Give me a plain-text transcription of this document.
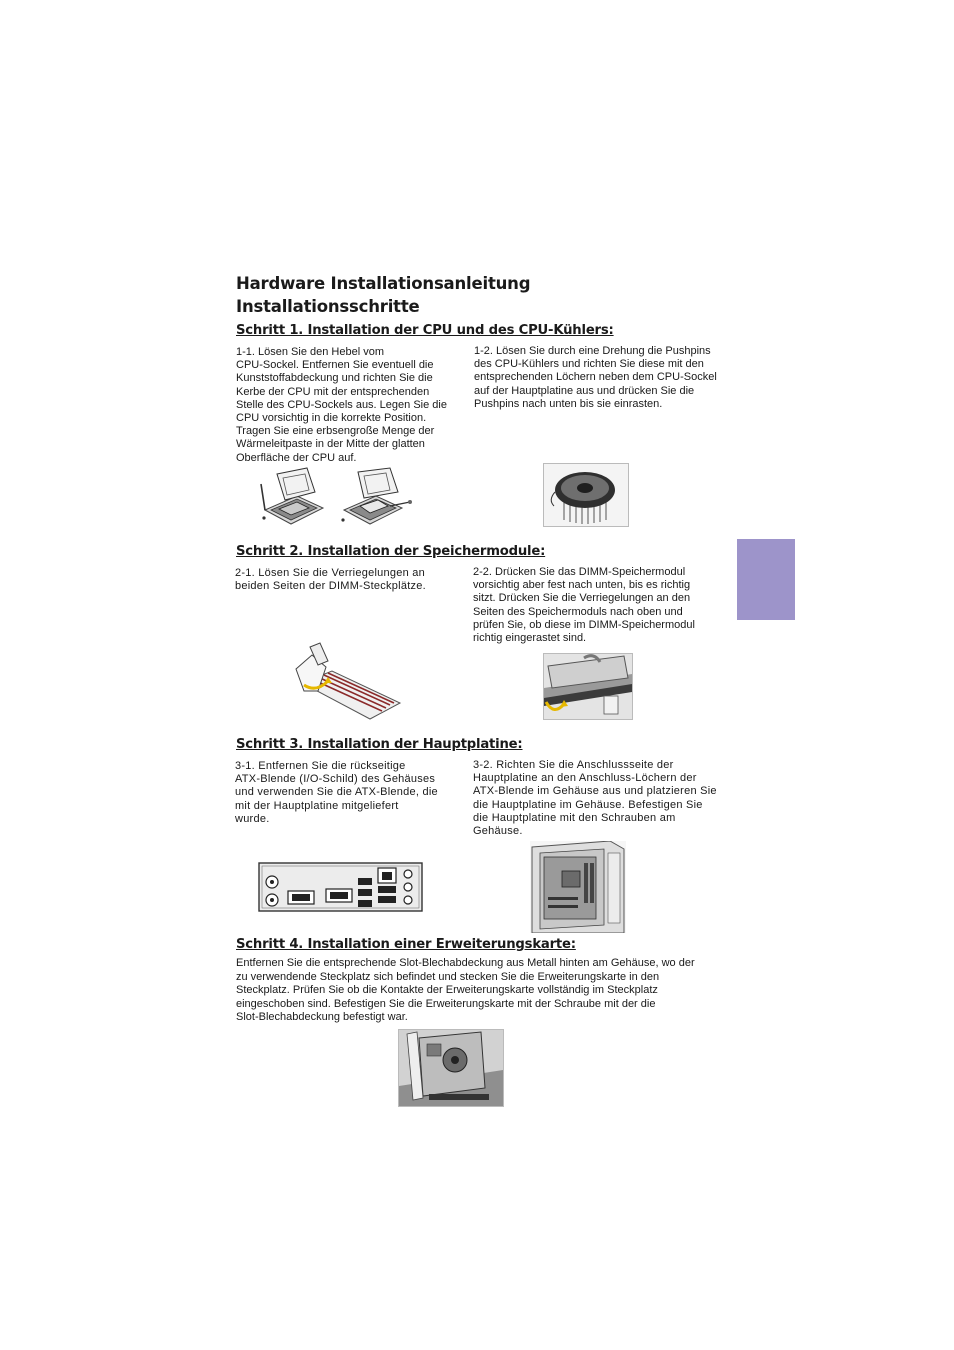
Hardware Installationsanleitung
Installationsschritte
Schritt 1. Installation der CPU und des CPU-Kühlers:
1-1. Lösen Sie den Hebel vom
CPU-Sockel. Entfernen Sie eventuell die
Kunststoffabdeckung und richten Sie die
Kerbe der CPU mit der entsprechenden
Stelle des CPU-Sockels aus. Legen Sie die
CPU vorsichtig in die korrekte Position.
Tragen Sie eine erbsengroße Menge der
Wärmeleitpaste in der Mitte der glatten
Oberfläche der CPU auf.
1-2. Lösen Sie durch eine Drehung die Pushpins
des CPU-Kühlers und richten Sie diese mit den
entsprechenden Löchern neben dem CPU-Sockel
auf der Hauptplatine aus und drücken Sie die
Pushpins nach unten bis sie einrasten.
Schritt 2. Installation der Speichermodule:
2-1. Lösen Sie die Verriegelungen an
beiden Seiten der DIMM-Steckplätze.
2-2. Drücken Sie das DIMM-Speichermodul
vorsichtig aber fest nach unten, bis es richtig
sitzt. Drücken Sie die Verriegelungen an den
Seiten des Speichermoduls nach oben und
prüfen Sie, ob diese im DIMM-Speichermodul
richtig eingerastet sind.
Schritt 3. Installation der Hauptplatine:
3-1. Entfernen Sie die rückseitige
ATX-Blende (I/O-Schild) des Gehäuses
und verwenden Sie die ATX-Blende, die
mit der Hauptplatine mitgeliefert
wurde.
3-2. Richten Sie die Anschlussseite der
Hauptplatine an den Anschluss-Löchern der
ATX-Blende im Gehäuse aus und platzieren Sie
die Hauptplatine im Gehäuse. Befestigen Sie
die Hauptplatine mit den Schrauben am
Gehäuse.
Schritt 4. Installation einer Erweiterungskarte:
Entfernen Sie die entsprechende Slot-Blechabdeckung aus Metall hinten am Gehäuse, wo der
zu verwendende Steckplatz sich befindet und stecken Sie die Erweiterungskarte in den
Steckplatz. Prüfen Sie ob die Kontakte der Erweiterungskarte vollständig im Steckplatz
eingeschoben sind. Befestigen Sie die Erweiterungskarte mit der Schraube mit der die
Slot-Blechabdeckung befestigt war.
